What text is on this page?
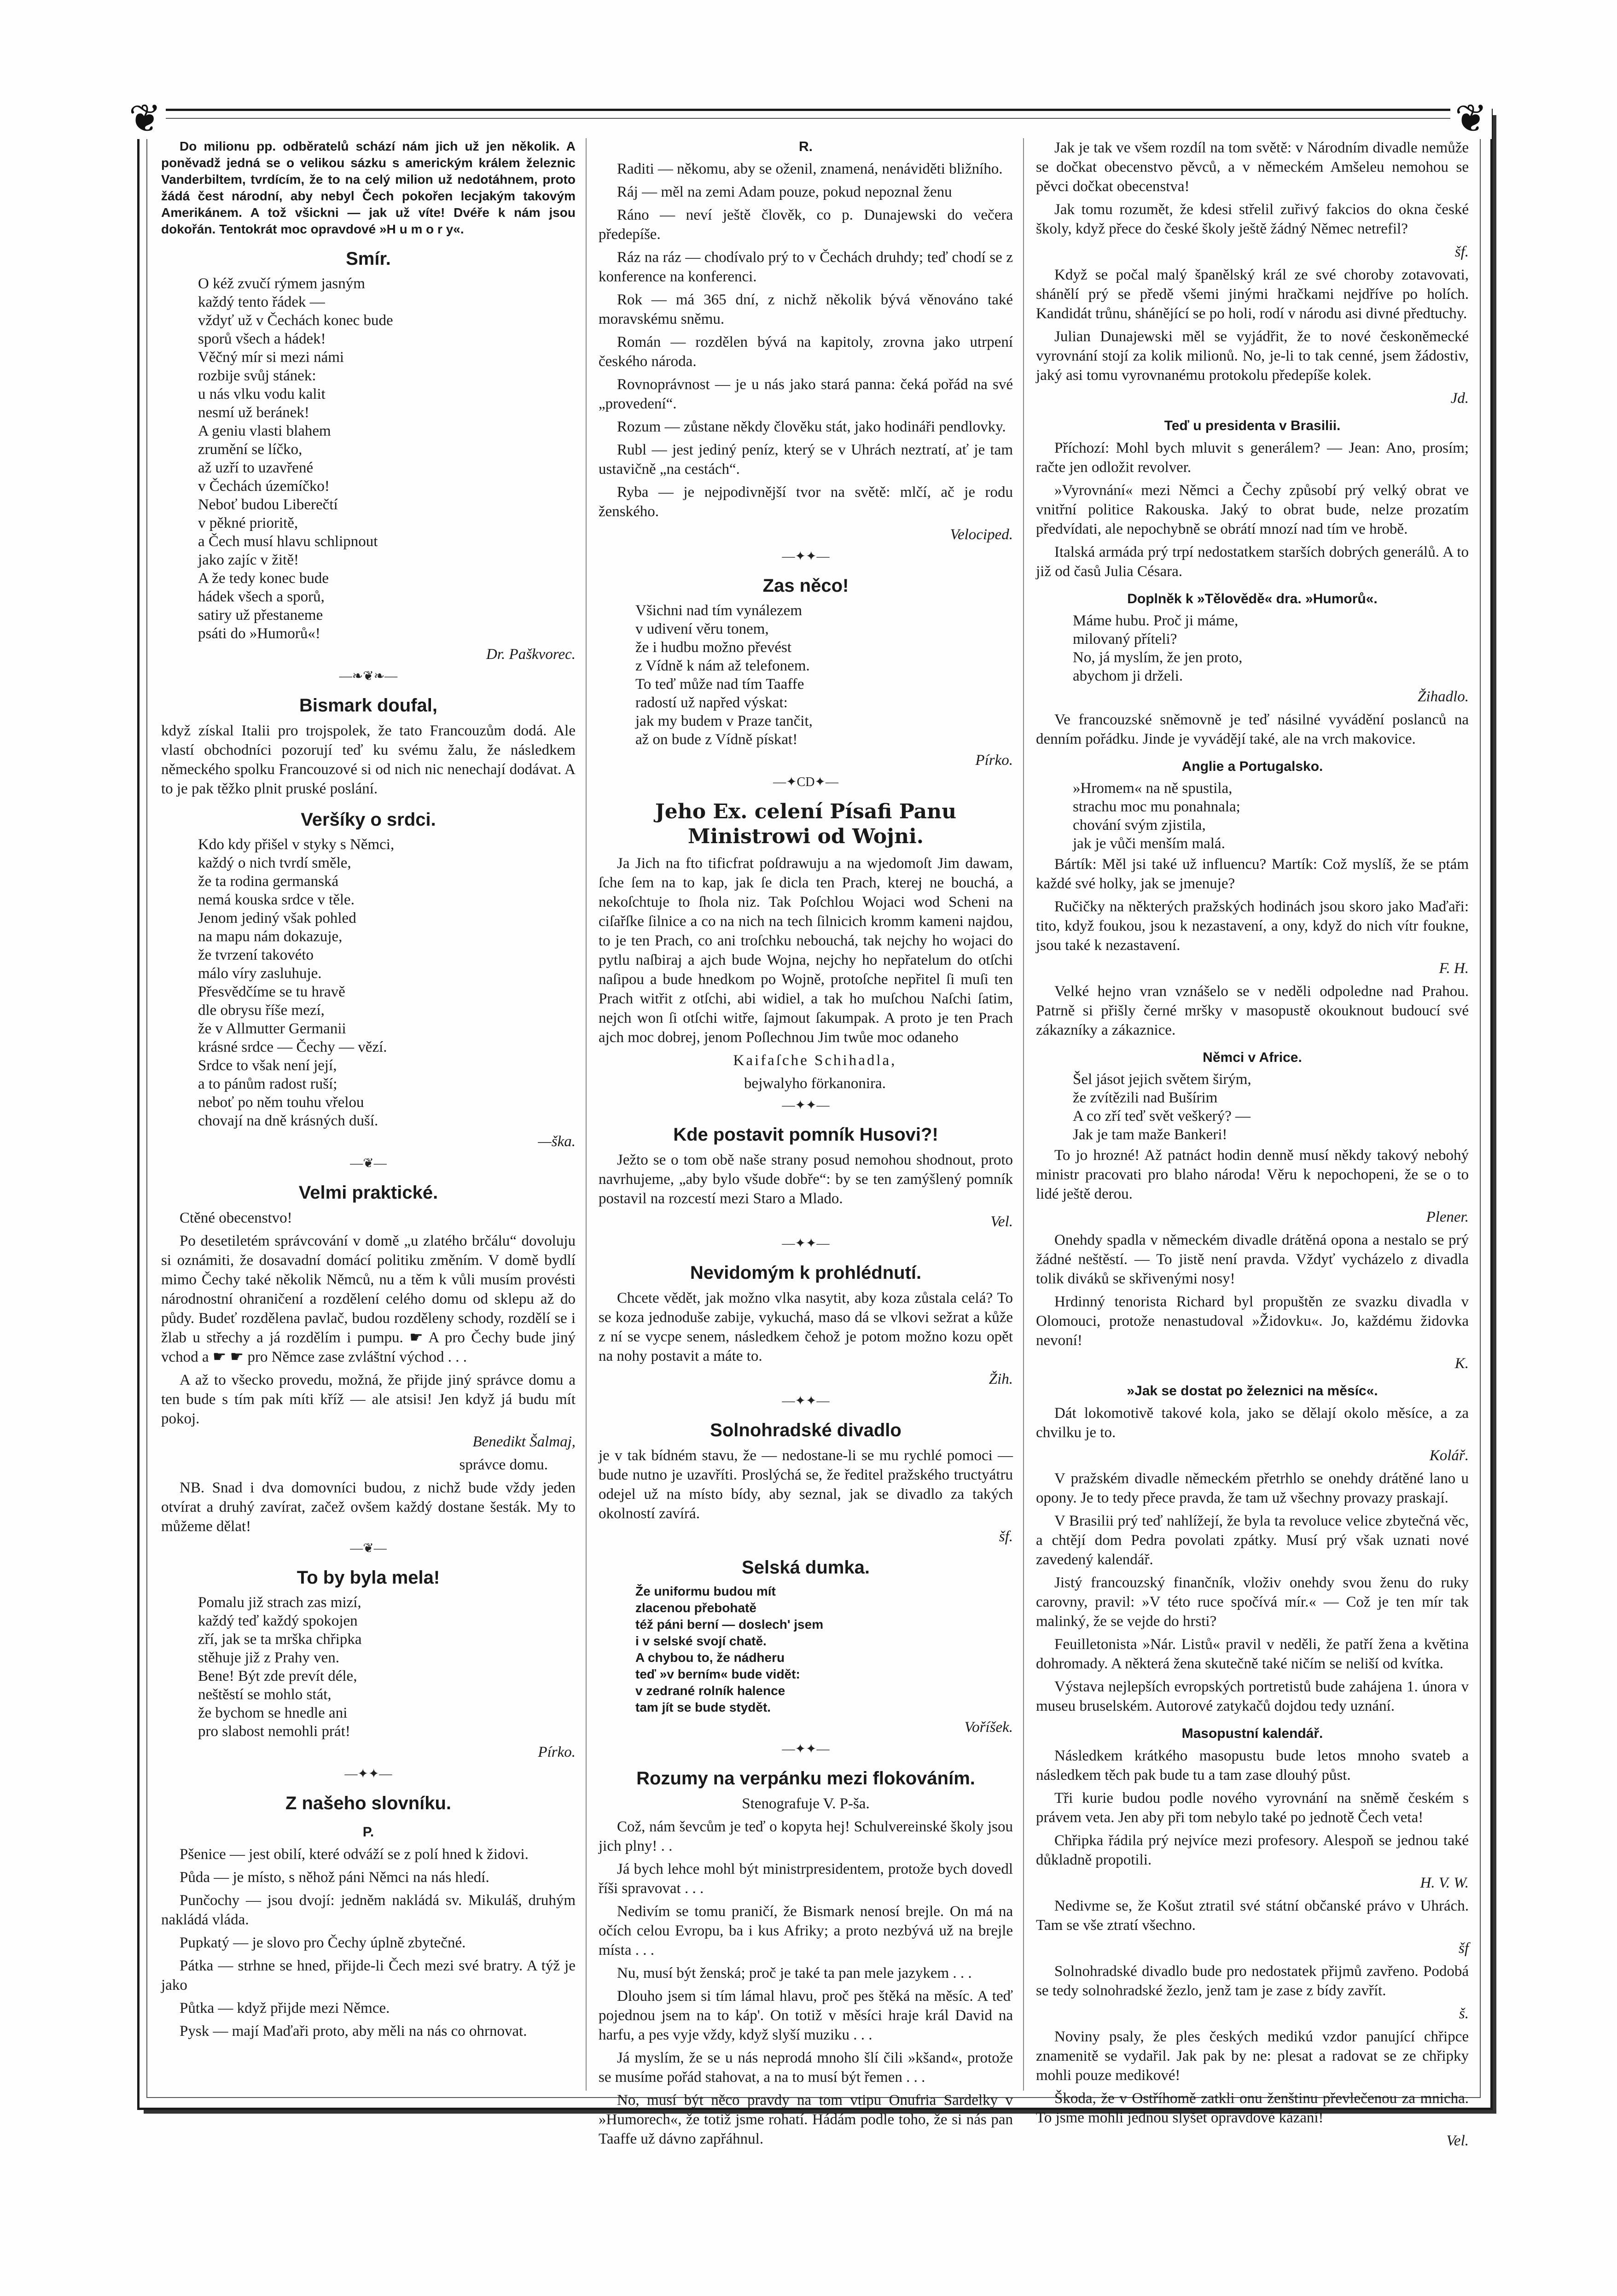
❦	❦

Do milionu pp. odběratelů schází nám jich už jen několik. A poněvadž jedná se o velikou sázku s americkým králem železnic Vanderbiltem, tvrdícím, že to na celý milion už nedotáhnem, proto žádá čest národní, aby nebyl Čech pokořen lecjakým takovým Amerikánem. A tož všickni — jak už víte! Dvéře k nám jsou dokořán. Tentokrát moc opravdové »H u m o r y«.

Smír.

O kéž zvučí rýmem jasným
každý tento řádek —
vždyť už v Čechách konec bude
sporů všech a hádek!
Věčný mír si mezi námi
rozbije svůj stánek:
u nás vlku vodu kalit
nesmí už beránek!
A geniu vlasti blahem
zrumění se líčko,
až uzří to uzavřené
v Čechách územíčko!
Neboť budou Liberečtí
v pěkné prioritě,
a Čech musí hlavu schlipnout
jako zajíc v žitě!
A že tedy konec bude
hádek všech a sporů,
satiry už přestaneme
psáti do »Humorů«!

Dr. Paškvorec.

—❧❦❧—
Bismark doufal,

když získal Italii pro trojspolek, že tato Francouzům dodá. Ale vlastí obchodníci pozorují teď ku svému žalu, že následkem německého spolku Francouzové si od nich nic nenechají dodávat. A to je pak těžko plnit pruské poslání.

Veršíky o srdci.

Kdo kdy přišel v styky s Němci,
každý o nich tvrdí směle,
že ta rodina germanská
nemá kouska srdce v těle.
Jenom jediný však pohled
na mapu nám dokazuje,
že tvrzení takovéto
málo víry zasluhuje.
Přesvědčíme se tu hravě
dle obrysu říše mezí,
že v Allmutter Germanii
krásné srdce — Čechy — vězí.
Srdce to však není její,
a to pánům radost ruší;
neboť po něm touhu vřelou
chovají na dně krásných duší.

—ška.

—❦—
Velmi praktické.

Ctěné obecenstvo!

Po desetiletém správcování v domě „u zlatého brčálu“ dovoluju si oznámiti, že dosavadní domácí politiku změním. V domě bydlí mimo Čechy také několik Němců, nu a těm k vůli musím provésti národnostní ohraničení a rozdělení celého domu od sklepu až do půdy. Budeť rozdělena pavlač, budou rozděleny schody, rozdělí se i žlab u střechy a já rozdělím i pumpu. ☛ A pro Čechy bude jiný vchod a ☛ ☛ pro Němce zase zvláštní východ . . .

A až to všecko provedu, možná, že přijde jiný správce domu a ten bude s tím pak míti kříž — ale atsisi! Jen když já budu mít pokoj.

Benedikt Šalmaj,

správce domu.

NB. Snad i dva domovníci budou, z nichž bude vždy jeden otvírat a druhý zavírat, začež ovšem každý dostane šesták. My to můžeme dělat!

—❦—
To by byla mela!

Pomalu již strach zas mizí,
každý teď každý spokojen
zří, jak se ta mrška chřipka
stěhuje již z Prahy ven.
Bene! Být zde prevít déle,
neštěstí se mohlo stát,
že bychom se hnedle ani
pro slabost nemohli prát!

Pírko.

—✦✦—
Z našeho slovníku.
P.

Pšenice — jest obilí, které odváží se z polí hned k židovi.

Půda — je místo, s něhož páni Němci na nás hledí.

Punčochy — jsou dvojí: jedněm nakládá sv. Mikuláš, druhým nakládá vláda.

Pupkatý — je slovo pro Čechy úplně zbytečné.

Pátka — strhne se hned, přijde-li Čech mezi své bratry. A týž je jako

Půtka — když přijde mezi Němce.

Pysk — mají Maďaři proto, aby měli na nás co ohrnovat.

R.

Raditi — někomu, aby se oženil, znamená, nenáviděti bližního.

Ráj — měl na zemi Adam pouze, pokud nepoznal ženu

Ráno — neví ještě člověk, co p. Dunajewski do večera předepíše.

Ráz na ráz — chodívalo prý to v Čechách druhdy; teď chodí se z konference na konferenci.

Rok — má 365 dní, z nichž několik bývá věnováno také moravskému sněmu.

Román — rozdělen bývá na kapitoly, zrovna jako utrpení českého národa.

Rovnoprávnost — je u nás jako stará panna: čeká pořád na své „provedení“.

Rozum — zůstane někdy člověku stát, jako hodináři pendlovky.

Rubl — jest jediný peníz, který se v Uhrách neztratí, ať je tam ustavičně „na cestách“.

Ryba — je nejpodivnější tvor na světě: mlčí, ač je rodu ženského.

Velociped.

—✦✦—
Zas něco!

Všichni nad tím vynálezem
v udivení věru tonem,
že i hudbu možno převést
z Vídně k nám až telefonem.
To teď může nad tím Taaffe
radostí už napřed výskat:
jak my budem v Praze tančit,
až on bude z Vídně pískat!

Pírko.

—✦CD✦—
Jeho Ex. celení Písafi Panu Ministrowi od Wojni.

Ja Jich na fto tificfrat poſdrawuju a na wjedomoſt Jim dawam, ſche ſem na to kap, jak ſe dicla ten Prach, kterej ne bouchá, a nekoſchtuje to ſhola niz. Tak Poſchlou Wojaci wod Scheni na ciſařſke ſilnice a co na nich na tech ſilnicich kromm kameni najdou, to je ten Prach, co ani troſchku nebouchá, tak nejchy ho wojaci do pytlu naſbiraj a ajch bude Wojna, nejchy ho nepřatelum do otſchi naſipou a bude hnedkom po Wojně, protoſche nepřitel ſi muſi ten Prach witřit z otſchi, abi widiel, a tak ho muſchou Naſchi ſatim, nejch won ſi otſchi witře, ſajmout ſakumpak. A proto je ten Prach ajch moc dobrej, jenom Poſlechnou Jim twůe moc odaneho

Kaifaſche Schihadla,

bejwalyho förkanonira.

—✦✦—
Kde postavit pomník Husovi?!

Ježto se o tom obě naše strany posud nemohou shodnout, proto navrhujeme, „aby bylo všude dobře“: by se ten zamýšlený pomník postavil na rozcestí mezi Staro a Mlado.

Vel.

—✦✦—
Nevidomým k prohlédnutí.

Chcete vědět, jak možno vlka nasytit, aby koza zůstala celá? To se koza jednoduše zabije, vykuchá, maso dá se vlkovi sežrat a kůže z ní se vycpe senem, následkem čehož je potom možno kozu opět na nohy postavit a máte to.

Žih.

—✦✦—
Solnohradské divadlo

je v tak bídném stavu, že — nedostane-li se mu rychlé pomoci — bude nutno je uzavříti. Proslýchá se, že ředitel pražského tructyátru odejel už na místo bídy, aby seznal, jak se divadlo za takých okolností zavírá.

šf.

Selská dumka.

Že uniformu budou mít
zlacenou přebohatě
též páni berní — doslech' jsem
i v selské svojí chatě.
A chybou to, že nádheru
teď »v berním« bude vidět:
v zedrané rolník halence
tam jít se bude stydět.

Voříšek.

—✦✦—
Rozumy na verpánku mezi flokováním.

Stenografuje V. P-ša.

Což, nám ševcům je teď o kopyta hej! Schulvereinské školy jsou jich plny! . .

Já bych lehce mohl být ministrpresidentem, protože bych dovedl říši spravovat . . .

Nedivím se tomu praničí, že Bismark nenosí brejle. On má na očích celou Evropu, ba i kus Afriky; a proto nezbývá už na brejle místa . . .

Nu, musí být ženská; proč je také ta pan mele jazykem . . .

Dlouho jsem si tím lámal hlavu, proč pes štěká na měsíc. A teď pojednou jsem na to káp'. On totiž v měsíci hraje král David na harfu, a pes vyje vždy, když slyší muziku . . .

Já myslím, že se u nás neprodá mnoho šlí čili »kšand«, protože se musíme pořád stahovat, a na to musí být řemen . . .

No, musí být něco pravdy na tom vtipu Onufria Sardelky v »Humorech«, že totiž jsme rohatí. Hádám podle toho, že si nás pan Taaffe už dávno zapřáhnul.

Jak je tak ve všem rozdíl na tom světě: v Národním divadle nemůže se dočkat obecenstvo pěvců, a v německém Amšeleu nemohou se pěvci dočkat obecenstva!

Jak tomu rozumět, že kdesi střelil zuřivý fakcios do okna české školy, když přece do české školy ještě žádný Němec netrefil?

šf.

Když se počal malý španělský král ze své choroby zotavovati, shánělí prý se předě všemi jinými hračkami nejdříve po holích. Kandidát trůnu, shánějící se po holi, rodí v národu asi divné předtuchy.

Julian Dunajewski měl se vyjádřit, že to nové českoněmecké vyrovnání stojí za kolik milionů. No, je-li to tak cenné, jsem žádostiv, jaký asi tomu vyrovnanému protokolu předepíše kolek.

Jd.

Teď u presidenta v Brasilii.

Příchozí: Mohl bych mluvit s generálem? — Jean: Ano, prosím; račte jen odložit revolver.

»Vyrovnání« mezi Němci a Čechy způsobí prý velký obrat ve vnitřní politice Rakouska. Jaký to obrat bude, nelze prozatím předvídati, ale nepochybně se obrátí mnozí nad tím ve hrobě.

Italská armáda prý trpí nedostatkem starších dobrých generálů. A to již od časů Julia Césara.

Doplněk k »Tělovědě« dra. »Humorů«.

Máme hubu. Proč ji máme,
milovaný příteli?
No, já myslím, že jen proto,
abychom ji drželi.

Žihadlo.

Ve francouzské sněmovně je teď násilné vyvádění poslanců na denním pořádku. Jinde je vyvádějí také, ale na vrch makovice.

Anglie a Portugalsko.

»Hromem« na ně spustila,
strachu moc mu ponahnala;
chování svým zjistila,
jak je vůči menším malá.

Bártík: Měl jsi také už influencu? Martík: Což myslíš, že se ptám každé své holky, jak se jmenuje?

Ručičky na některých pražských hodinách jsou skoro jako Maďaři: tito, když foukou, jsou k nezastavení, a ony, když do nich vítr foukne, jsou také k nezastavení.

F. H.

Velké hejno vran vznášelo se v neděli odpoledne nad Prahou. Patrně si přišly černé mršky v masopustě okouknout budoucí své zákazníky a zákaznice.

Němci v Africe.

Šel jásot jejich světem širým,
že zvítězili nad Bušírim
A co zří teď svět veškerý? —
Jak je tam maže Bankeri!

To jo hrozné! Až patnáct hodin denně musí někdy takový nebohý ministr pracovati pro blaho národa! Věru k nepochopeni, že se o to lidé ještě derou.

Plener.

Onehdy spadla v německém divadle drátěná opona a nestalo se prý žádné neštěstí. — To jistě není pravda. Vždyť vycházelo z divadla tolik diváků se skřivenými nosy!

Hrdinný tenorista Richard byl propuštěn ze svazku divadla v Olomouci, protože nenastudoval »Židovku«. Jo, každému židovka nevoní!

K.

»Jak se dostat po železnici na měsíc«.

Dát lokomotivě takové kola, jako se dělají okolo měsíce, a za chvilku je to.

Kolář.

V pražském divadle německém přetrhlo se onehdy drátěné lano u opony. Je to tedy přece pravda, že tam už všechny provazy praskají.

V Brasilii prý teď nahlížejí, že byla ta revoluce velice zbytečná věc, a chtějí dom Pedra povolati zpátky. Musí prý však uznati nové zavedený kalendář.

Jistý francouzský finančník, vloživ onehdy svou ženu do ruky carovny, pravil: »V této ruce spočívá mír.« — Což je ten mír tak malinký, že se vejde do hrsti?

Feuilletonista »Nár. Listů« pravil v neděli, že patří žena a květina dohromady. A některá žena skutečně také ničím se neliší od kvítka.

Výstava nejlepších evropských portretistů bude zahájena 1. února v museu bruselském. Autorové zatykačů dojdou tedy uznání.

Masopustní kalendář.

Následkem krátkého masopustu bude letos mnoho svateb a následkem těch pak bude tu a tam zase dlouhý půst.

Tři kurie budou podle nového vyrovnání na sněmě českém s právem veta. Jen aby při tom nebylo také po jednotě Čech veta!

Chřipka řádila prý nejvíce mezi profesory. Alespoň se jednou také důkladně propotili.

H. V. W.

Nedivme se, že Košut ztratil své státní občanské právo v Uhrách. Tam se vše ztratí všechno.

šf

Solnohradské divadlo bude pro nedostatek přijmů zavřeno. Podobá se tedy solnohradské žezlo, jenž tam je zase z bídy zavřít.

š.

Noviny psaly, že ples českých medikú vzdor panující chřipce znamenitě se vydařil. Jak pak by ne: plesat a radovat se ze chřipky mohli pouze medikové!

Škoda, že v Ostříhomě zatkli onu ženštinu převlečenou za mnicha. To jsme mohli jednou slyšet opravdové kázaní!

Vel.
